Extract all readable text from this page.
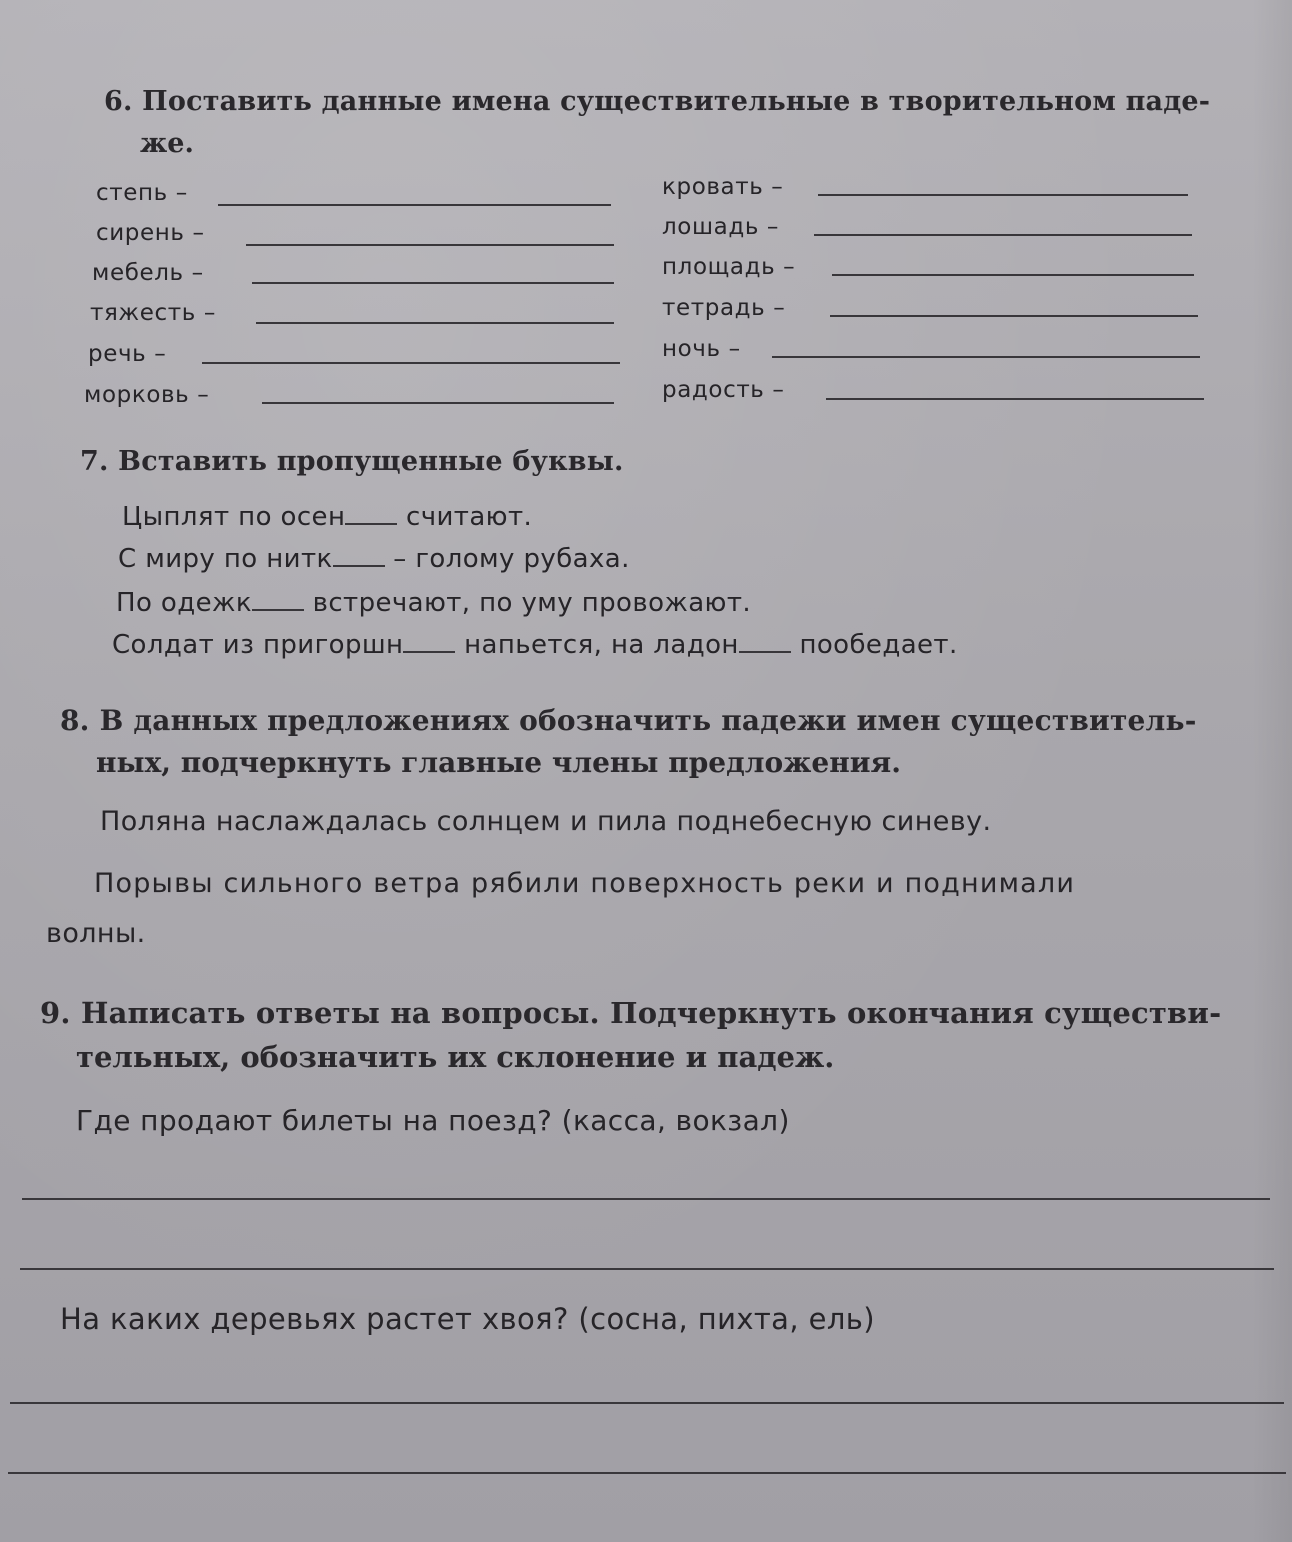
6. Поставить данные имена существительные в творительном паде-
же.
степь –
сирень –
мебель –
тяжесть –
речь –
морковь –
кровать –
лошадь –
площадь –
тетрадь –
ночь –
радость –
7. Вставить пропущенные буквы.
Цыплят по осен считают.
С миру по нитк – голому рубаха.
По одежк встречают, по уму провожают.
Солдат из пригоршн напьется, на ладон пообедает.
8. В данных предложениях обозначить падежи имен существитель-
ных, подчеркнуть главные члены предложения.
Поляна наслаждалась солнцем и пила поднебесную синеву.
Порывы сильного ветра рябили поверхность реки и поднимали
волны.
9. Написать ответы на вопросы. Подчеркнуть окончания существи-
тельных, обозначить их склонение и падеж.
Где продают билеты на поезд? (касса, вокзал)
На каких деревьях растет хвоя? (сосна, пихта, ель)
